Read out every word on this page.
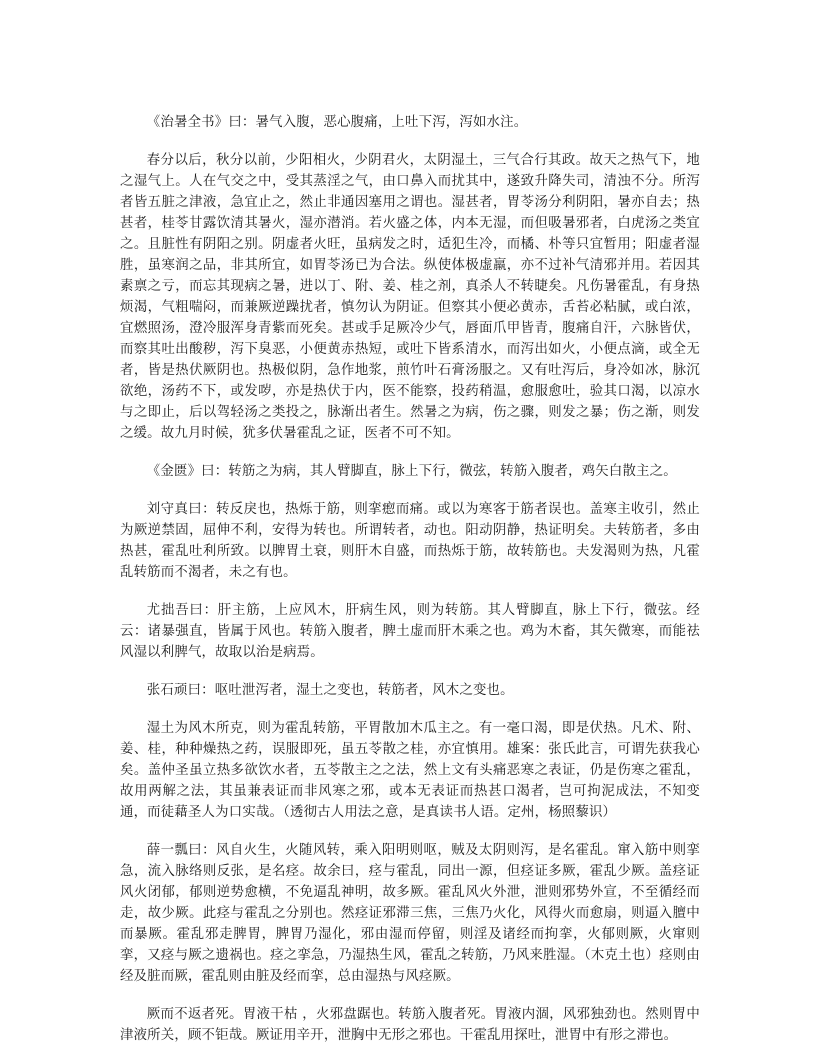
《治暑全书》曰：暑气入腹，恶心腹痛，上吐下泻，泻如水注。

春分以后，秋分以前，少阳相火，少阴君火，太阴湿土，三气合行其政。故天之热气下，地之湿气上。人在气交之中，受其蒸淫之气，由口鼻入而扰其中，遂致升降失司，清浊不分。所泻者皆五脏之津液，急宜止之，然止非通因塞用之谓也。湿甚者，胃苓汤分利阴阳，暑亦自去；热甚者，桂苓甘露饮清其暑火，湿亦潜消。若火盛之体，内本无湿，而但吸暑邪者，白虎汤之类宜之。且脏性有阴阳之别。阴虚者火旺，虽病发之时，适犯生冷，而橘、朴等只宜暂用；阳虚者湿胜，虽寒润之品，非其所宜，如胃苓汤已为合法。纵使体极虚羸，亦不过补气清邪并用。若因其素禀之亏，而忘其现病之暑，进以丁、附、姜、桂之剂，真杀人不转睫矣。凡伤暑霍乱，有身热烦渴，气粗喘闷，而兼厥逆躁扰者，慎勿认为阴证。但察其小便必黄赤，舌苔必粘腻，或白浓，宜燃照汤，澄冷服浑身青紫而死矣。甚或手足厥冷少气，唇面爪甲皆青，腹痛自汗，六脉皆伏，而察其吐出酸秽，泻下臭恶，小便黄赤热短，或吐下皆系清水，而泻出如火，小便点滴，或全无者，皆是热伏厥阴也。热极似阴，急作地浆，煎竹叶石膏汤服之。又有吐泻后，身冷如冰，脉沉欲绝，汤药不下，或发哕，亦是热伏于内，医不能察，投药稍温，愈服愈吐，验其口渴，以凉水与之即止，后以驾轻汤之类投之，脉渐出者生。然暑之为病，伤之骤，则发之暴；伤之渐，则发之缓。故九月时候，犹多伏暑霍乱之证，医者不可不知。

《金匮》曰：转筋之为病，其人臂脚直，脉上下行，微弦，转筋入腹者，鸡矢白散主之。

刘守真曰：转反戾也，热烁于筋，则挛瘛而痛。或以为寒客于筋者误也。盖寒主收引，然止为厥逆禁固，屈伸不利，安得为转也。所谓转者，动也。阳动阴静，热证明矣。夫转筋者，多由热甚，霍乱吐利所致。以脾胃土衰，则肝木自盛，而热烁于筋，故转筋也。夫发渴则为热，凡霍乱转筋而不渴者，未之有也。

尤拙吾曰：肝主筋，上应风木，肝病生风，则为转筋。其人臂脚直，脉上下行，微弦。经云：诸暴强直，皆属于风也。转筋入腹者，脾土虚而肝木乘之也。鸡为木畜，其矢微寒，而能祛风湿以利脾气，故取以治是病焉。

张石顽曰：呕吐泄泻者，湿土之变也，转筋者，风木之变也。

湿土为风木所克，则为霍乱转筋，平胃散加木瓜主之。有一毫口渴，即是伏热。凡术、附、姜、桂，种种燥热之药，误服即死，虽五苓散之桂，亦宜慎用。雄案：张氏此言，可谓先获我心矣。盖仲圣虽立热多欲饮水者，五苓散主之之法，然上文有头痛恶寒之表证，仍是伤寒之霍乱，故用两解之法，其虽兼表证而非风寒之邪，或本无表证而热甚口渴者，岂可拘泥成法，不知变通，而徒藉圣人为口实哉。（透彻古人用法之意，是真读书人语。定州，杨照藜识）

薛一瓢曰：风自火生，火随风转，乘入阳明则呕，贼及太阴则泻，是名霍乱。窜入筋中则挛急，流入脉络则反张，是名痉。故余曰，痉与霍乱，同出一源，但痉证多厥，霍乱少厥。盖痉证风火闭郁，郁则逆势愈横，不免逼乱神明，故多厥。霍乱风火外泄，泄则邪势外宣，不至循经而走，故少厥。此痉与霍乱之分别也。然痉证邪滞三焦，三焦乃火化，风得火而愈扇，则逼入膻中而暴厥。霍乱邪走脾胃，脾胃乃湿化，邪由湿而停留，则淫及诸经而拘挛，火郁则厥，火窜则挛，又痉与厥之遗祸也。痉之挛急，乃湿热生风，霍乱之转筋，乃风来胜湿。（木克土也）痉则由经及脏而厥，霍乱则由脏及经而挛，总由湿热与风痉厥。

厥而不返者死。胃液干枯 ，火邪盘踞也。转筋入腹者死。胃液内涸，风邪独劲也。然则胃中津液所关，顾不钜哉。厥证用辛开，泄胸中无形之邪也。干霍乱用探吐，泄胃中有形之滞也。
